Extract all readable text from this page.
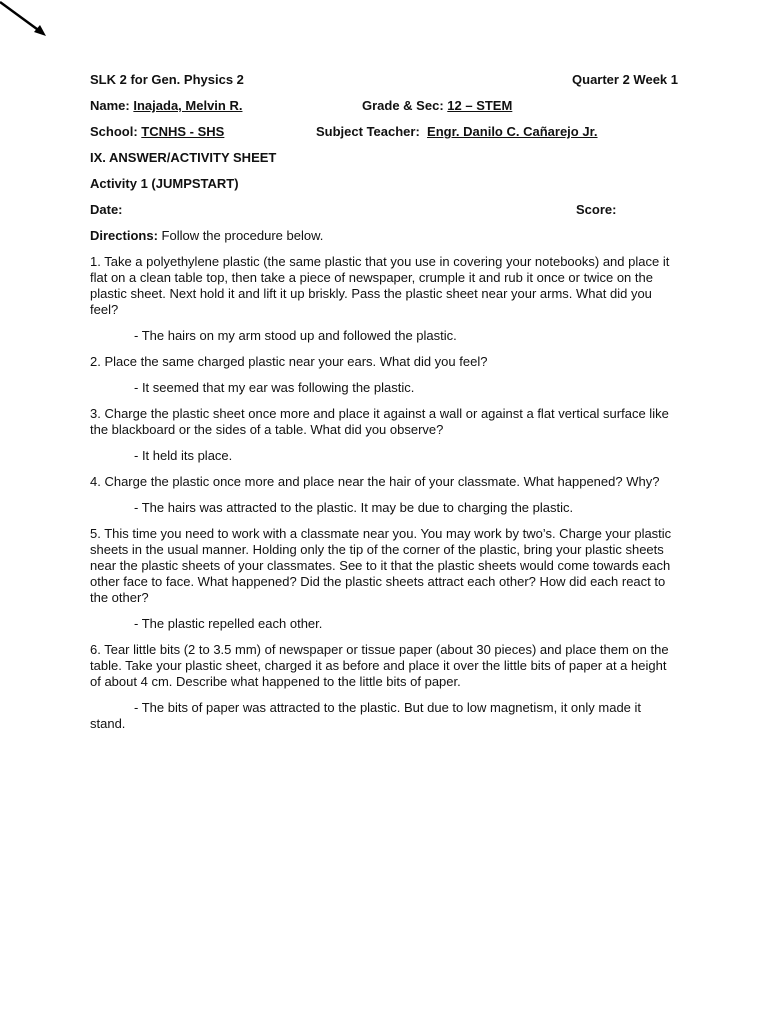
SLK 2 for Gen. Physics 2	Quarter 2 Week 1
Name: Inajada, Melvin R.	Grade & Sec: 12 – STEM
School: TCNHS - SHS	Subject Teacher: Engr. Danilo C. Cañarejo Jr.
IX. ANSWER/ACTIVITY SHEET
Activity 1 (JUMPSTART)
Date:	Score:

Directions: Follow the procedure below.

1. Take a polyethylene plastic (the same plastic that you use in covering your notebooks) and place it flat on a clean table top, then take a piece of newspaper, crumple it and rub it once or twice on the plastic sheet. Next hold it and lift it up briskly. Pass the plastic sheet near your arms. What did you feel?

- The hairs on my arm stood up and followed the plastic.

2. Place the same charged plastic near your ears. What did you feel?

- It seemed that my ear was following the plastic.

3. Charge the plastic sheet once more and place it against a wall or against a flat vertical surface like the blackboard or the sides of a table. What did you observe?

- It held its place.

4. Charge the plastic once more and place near the hair of your classmate. What happened? Why?

- The hairs was attracted to the plastic. It may be due to charging the plastic.

5. This time you need to work with a classmate near you. You may work by two’s. Charge your plastic sheets in the usual manner. Holding only the tip of the corner of the plastic, bring your plastic sheets near the plastic sheets of your classmates. See to it that the plastic sheets would come towards each other face to face. What happened? Did the plastic sheets attract each other? How did each react to the other?

- The plastic repelled each other.

6. Tear little bits (2 to 3.5 mm) of newspaper or tissue paper (about 30 pieces) and place them on the table. Take your plastic sheet, charged it as before and place it over the little bits of paper at a height of about 4 cm. Describe what happened to the little bits of paper.

- The bits of paper was attracted to the plastic. But due to low magnetism, it only made it stand.
